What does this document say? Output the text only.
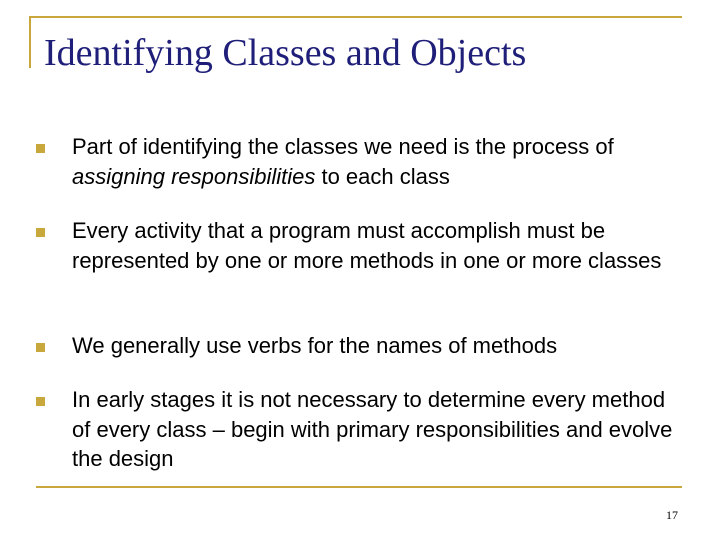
Identifying Classes and Objects
Part of identifying the classes we need is the process of assigning responsibilities to each class
Every activity that a program must accomplish must be represented by one or more methods in one or more classes
We generally use verbs for the names of methods
In early stages it is not necessary to determine every method of every class – begin with primary responsibilities and evolve the design
17
